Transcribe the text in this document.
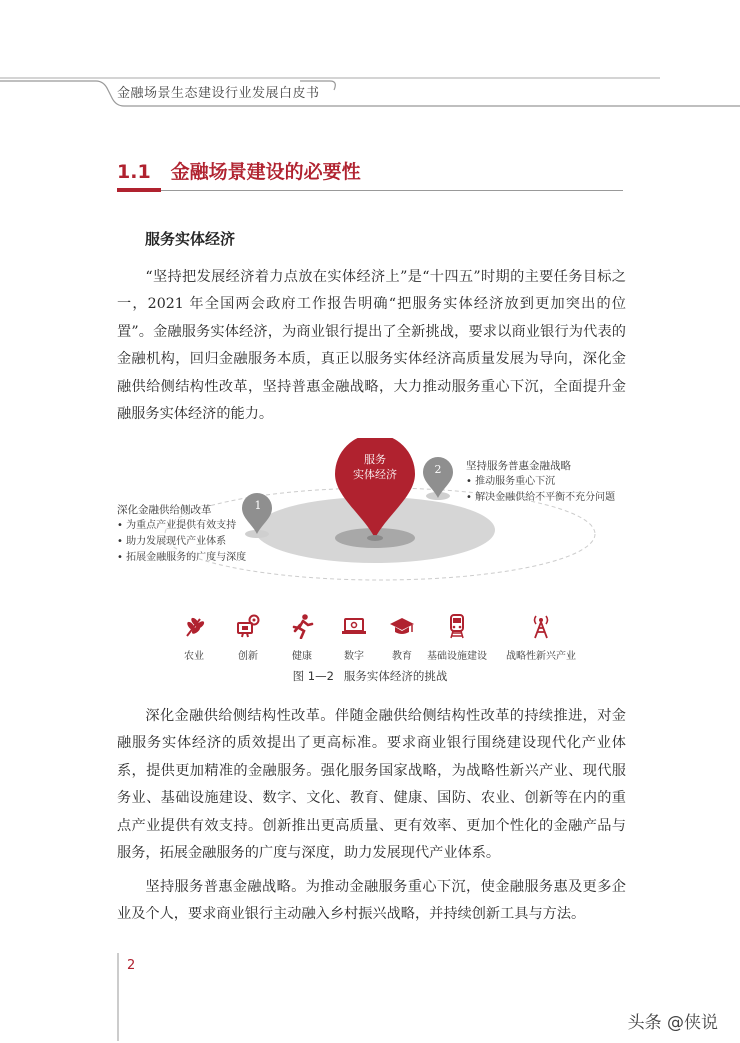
金融场景生态建设行业发展白皮书
1.1 金融场景建设的必要性
服务实体经济
“坚持把发展经济着力点放在实体经济上”是“十四五”时期的主要任务目标之一，2021 年全国两会政府工作报告明确“把服务实体经济放到更加突出的位置”。金融服务实体经济，为商业银行提出了全新挑战，要求以商业银行为代表的金融机构，回归金融服务本质，真正以服务实体经济高质量发展为导向，深化金融供给侧结构性改革，坚持普惠金融战略，大力推动服务重心下沉，全面提升金融服务实体经济的能力。
服务
实体经济
1
2
深化金融供给侧改革
• 为重点产业提供有效支持
• 助力发展现代产业体系
• 拓展金融服务的广度与深度
坚持服务普惠金融战略
• 推动服务重心下沉
• 解决金融供给不平衡不充分问题
农业	创新	健康	数字	教育	基础设施建设	战略性新兴产业
图 1—2 服务实体经济的挑战
深化金融供给侧结构性改革。伴随金融供给侧结构性改革的持续推进，对金融服务实体经济的质效提出了更高标准。要求商业银行围绕建设现代化产业体系，提供更加精准的金融服务。强化服务国家战略，为战略性新兴产业、现代服务业、基础设施建设、数字、文化、教育、健康、国防、农业、创新等在内的重点产业提供有效支持。创新推出更高质量、更有效率、更加个性化的金融产品与服务，拓展金融服务的广度与深度，助力发展现代产业体系。
坚持服务普惠金融战略。为推动金融服务重心下沉，使金融服务惠及更多企业及个人，要求商业银行主动融入乡村振兴战略，并持续创新工具与方法。
2
头条 @侠说
